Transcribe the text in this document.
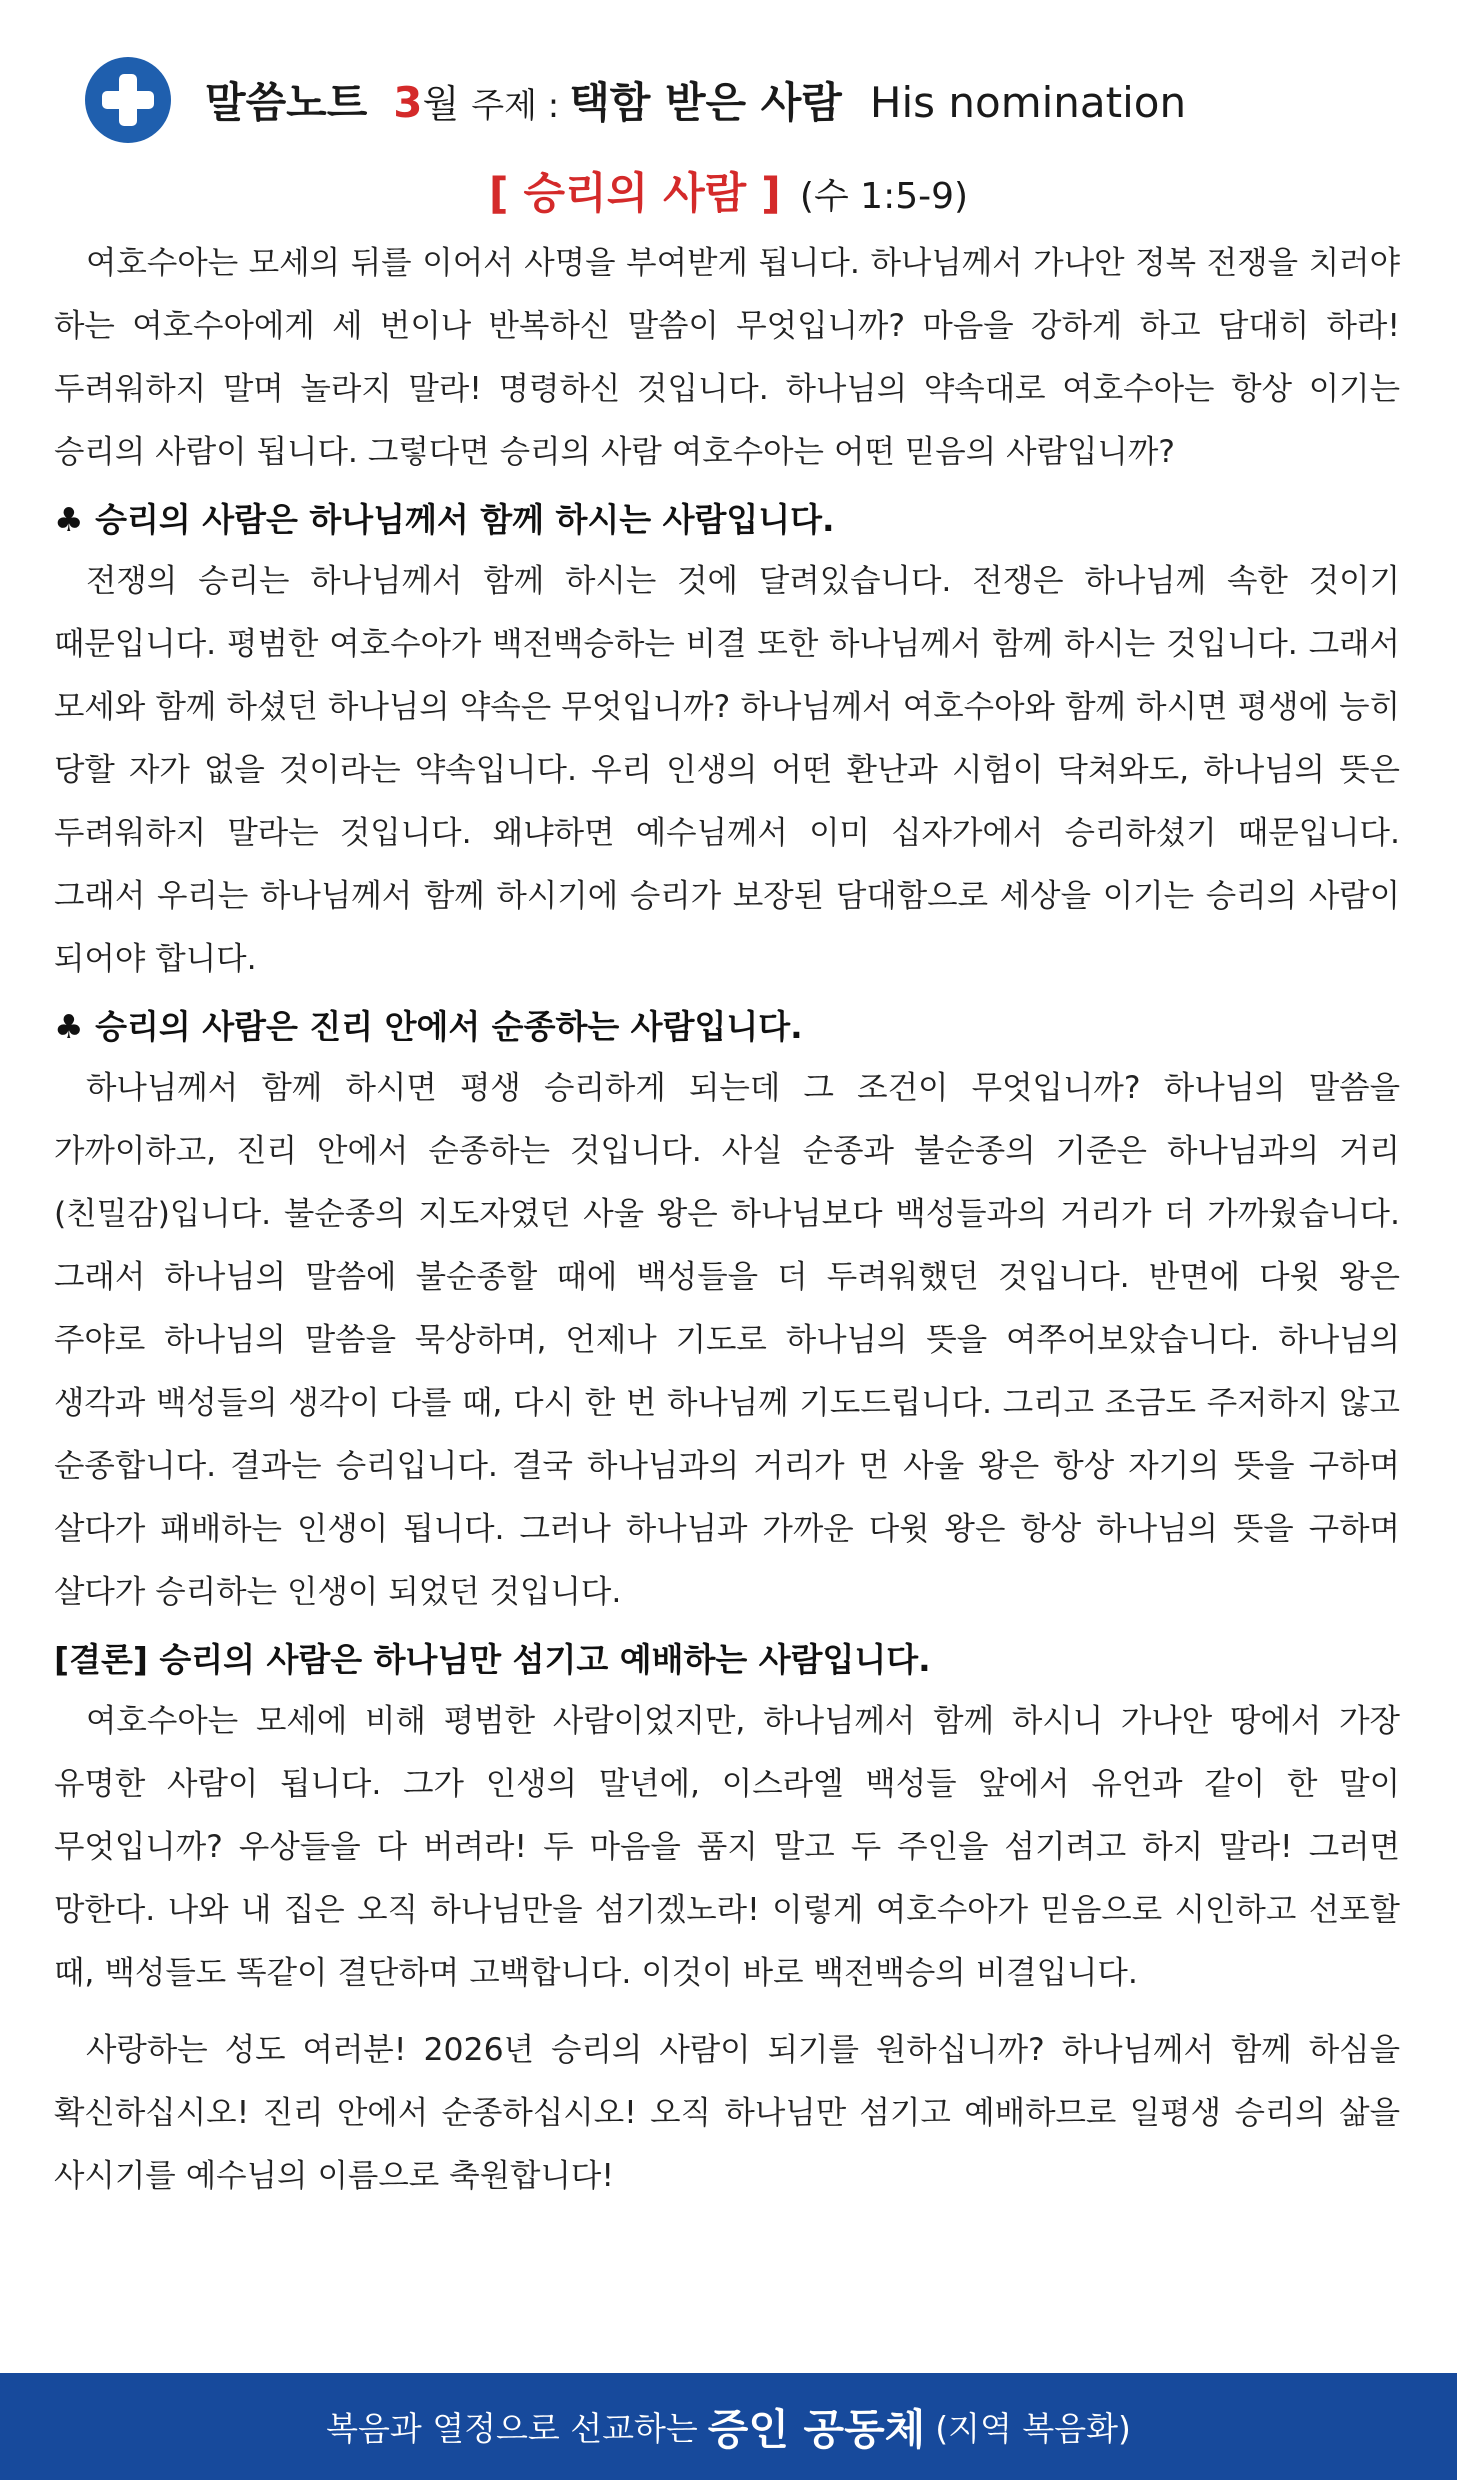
말씀노트 3 월 주제 : 택함 받은 사람 His nomination
[ 승리의 사람 ] (수 1:5-9)

여호수아는 모세의 뒤를 이어서 사명을 부여받게 됩니다. 하나님께서 가나안 정복 전쟁을 치러야 하는 여호수아에게 세 번이나 반복하신 말씀이 무엇입니까? 마음을 강하게 하고 담대히 하라! 두려워하지 말며 놀라지 말라! 명령하신 것입니다. 하나님의 약속대로 여호수아는 항상 이기는 승리의 사람이 됩니다. 그렇다면 승리의 사람 여호수아는 어떤 믿음의 사람입니까?

♣ 승리의 사람은 하나님께서 함께 하시는 사람입니다.

전쟁의 승리는 하나님께서 함께 하시는 것에 달려있습니다. 전쟁은 하나님께 속한 것이기 때문입니다. 평범한 여호수아가 백전백승하는 비결 또한 하나님께서 함께 하시는 것입니다. 그래서 모세와 함께 하셨던 하나님의 약속은 무엇입니까? 하나님께서 여호수아와 함께 하시면 평생에 능히 당할 자가 없을 것이라는 약속입니다. 우리 인생의 어떤 환난과 시험이 닥쳐와도, 하나님의 뜻은 두려워하지 말라는 것입니다. 왜냐하면 예수님께서 이미 십자가에서 승리하셨기 때문입니다. 그래서 우리는 하나님께서 함께 하시기에 승리가 보장된 담대함으로 세상을 이기는 승리의 사람이 되어야 합니다.

♣ 승리의 사람은 진리 안에서 순종하는 사람입니다.

하나님께서 함께 하시면 평생 승리하게 되는데 그 조건이 무엇입니까? 하나님의 말씀을 가까이하고, 진리 안에서 순종하는 것입니다. 사실 순종과 불순종의 기준은 하나님과의 거리(친밀감)입니다. 불순종의 지도자였던 사울 왕은 하나님보다 백성들과의 거리가 더 가까웠습니다. 그래서 하나님의 말씀에 불순종할 때에 백성들을 더 두려워했던 것입니다. 반면에 다윗 왕은 주야로 하나님의 말씀을 묵상하며, 언제나 기도로 하나님의 뜻을 여쭈어보았습니다. 하나님의 생각과 백성들의 생각이 다를 때, 다시 한 번 하나님께 기도드립니다. 그리고 조금도 주저하지 않고 순종합니다. 결과는 승리입니다. 결국 하나님과의 거리가 먼 사울 왕은 항상 자기의 뜻을 구하며 살다가 패배하는 인생이 됩니다. 그러나 하나님과 가까운 다윗 왕은 항상 하나님의 뜻을 구하며 살다가 승리하는 인생이 되었던 것입니다.

[결론] 승리의 사람은 하나님만 섬기고 예배하는 사람입니다.

여호수아는 모세에 비해 평범한 사람이었지만, 하나님께서 함께 하시니 가나안 땅에서 가장 유명한 사람이 됩니다. 그가 인생의 말년에, 이스라엘 백성들 앞에서 유언과 같이 한 말이 무엇입니까? 우상들을 다 버려라! 두 마음을 품지 말고 두 주인을 섬기려고 하지 말라! 그러면 망한다. 나와 내 집은 오직 하나님만을 섬기겠노라! 이렇게 여호수아가 믿음으로 시인하고 선포할 때, 백성들도 똑같이 결단하며 고백합니다. 이것이 바로 백전백승의 비결입니다.

사랑하는 성도 여러분! 2026년 승리의 사람이 되기를 원하십니까? 하나님께서 함께 하심을 확신하십시오! 진리 안에서 순종하십시오! 오직 하나님만 섬기고 예배하므로 일평생 승리의 삶을 사시기를 예수님의 이름으로 축원합니다!

복음과 열정으로 선교하는 증인 공동체 (지역 복음화)
